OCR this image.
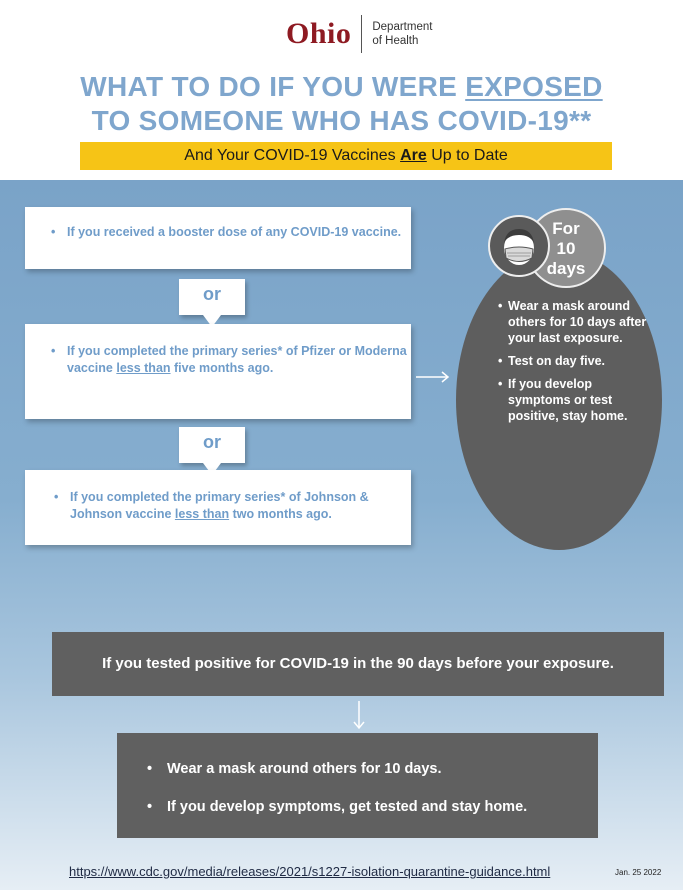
Ohio Department
of Health
WHAT TO DO IF YOU WERE EXPOSED
TO SOMEONE WHO HAS COVID-19**
And Your COVID-19 Vaccines Are Up to Date
• If you received a booster dose of any COVID-19 vaccine.
or
• If you completed the primary series* of Pfizer or Moderna vaccine less than five months ago.
or
• If you completed the primary series* of Johnson & Johnson vaccine less than two months ago.
• Wear a mask around others for 10 days after your last exposure.
• Test on day five.
• If you develop symptoms or test positive, stay home.
For
10
days
If you tested positive for COVID-19 in the 90 days before your exposure.
• Wear a mask around others for 10 days.
• If you develop symptoms, get tested and stay home.
https://www.cdc.gov/media/releases/2021/s1227-isolation-quarantine-guidance.html	Jan. 25 2022
